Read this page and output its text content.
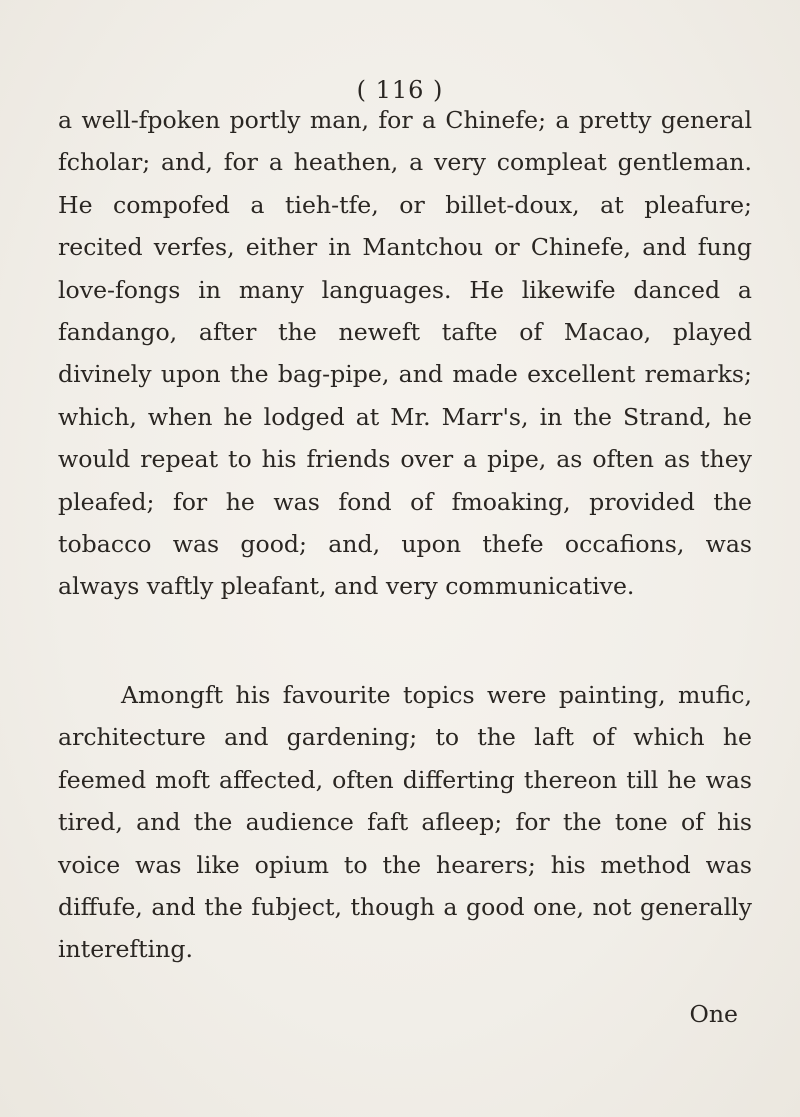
( 116 )
a well-fpoken portly man, for a Chinefe; a pretty general
fcholar; and, for a heathen, a very compleat gentleman.
He compofed a tieh-tfe, or billet-doux, at pleafure;
recited verfes, either in Mantchou or Chinefe, and fung
love-fongs in many languages. He likewife danced a
fandango, after the neweft tafte of Macao, played
divinely upon the bag-pipe, and made excellent remarks;
which, when he lodged at Mr. Marr's, in the Strand, he
would repeat to his friends over a pipe, as often as they
pleafed; for he was fond of fmoaking, provided the
tobacco was good; and, upon thefe occafions, was
always vaftly pleafant, and very communicative.
Amongft his favourite topics were painting, mufic,
architecture and gardening; to the laft of which he
feemed moft affected, often differting thereon till he was
tired, and the audience faft afleep; for the tone of his
voice was like opium to the hearers; his method was
diffufe, and the fubject, though a good one, not generally
interefting.
One
